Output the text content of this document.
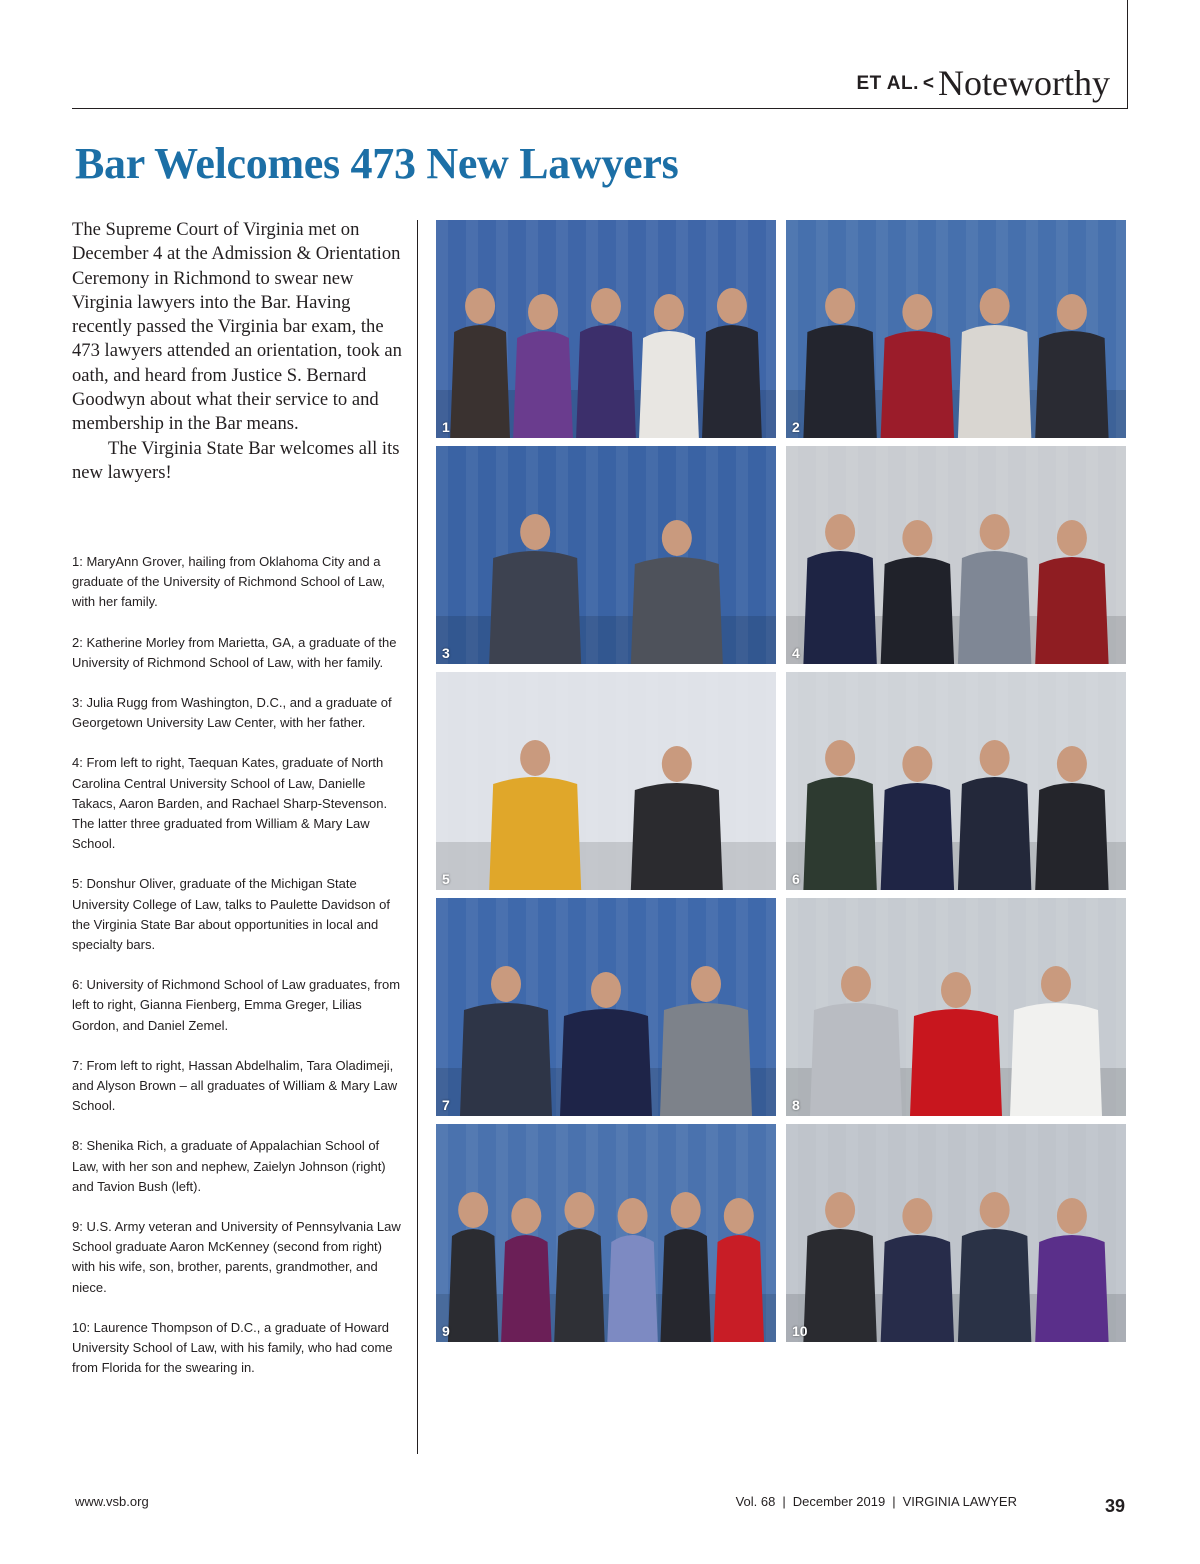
ET AL. < Noteworthy
Bar Welcomes 473 New Lawyers

The Supreme Court of Virginia met on December 4 at the Admission & Orientation Ceremony in Richmond to swear new Virginia lawyers into the Bar. Having recently passed the Virginia bar exam, the 473 lawyers attended an orientation, took an oath, and heard from Justice S. Bernard Goodwyn about what their service to and membership in the Bar means.

The Virginia State Bar welcomes all its new lawyers!

1: MaryAnn Grover, hailing from Oklahoma City and a graduate of the University of Richmond School of Law, with her family.

2: Katherine Morley from Marietta, GA, a graduate of the University of Richmond School of Law, with her family.

3: Julia Rugg from Washington, D.C., and a graduate of Georgetown University Law Center, with her father.

4: From left to right, Taequan Kates, graduate of North Carolina Central University School of Law, Danielle Takacs, Aaron Barden, and Rachael Sharp-Stevenson. The latter three graduated from William & Mary Law School.

5: Donshur Oliver, graduate of the Michigan State University College of Law, talks to Paulette Davidson of the Virginia State Bar about opportunities in local and specialty bars.

6: University of Richmond School of Law graduates, from left to right, Gianna Fienberg, Emma Greger, Lilias Gordon, and Daniel Zemel.

7: From left to right, Hassan Abdelhalim, Tara Oladimeji, and Alyson Brown – all graduates of William & Mary Law School.

8: Shenika Rich, a graduate of Appalachian School of Law, with her son and nephew, Zaielyn Johnson (right) and Tavion Bush (left).

9: U.S. Army veteran and University of Pennsylvania Law School graduate Aaron McKenney (second from right) with his wife, son, brother, parents, grandmother, and niece.

10: Laurence Thompson of D.C., a graduate of Howard University School of Law, with his family, who had come from Florida for the swearing in.

1	2
3	4
5	6
7	8
9	10
www.vsb.org	Vol. 68 | December 2019 | VIRGINIA LAWYER	39
